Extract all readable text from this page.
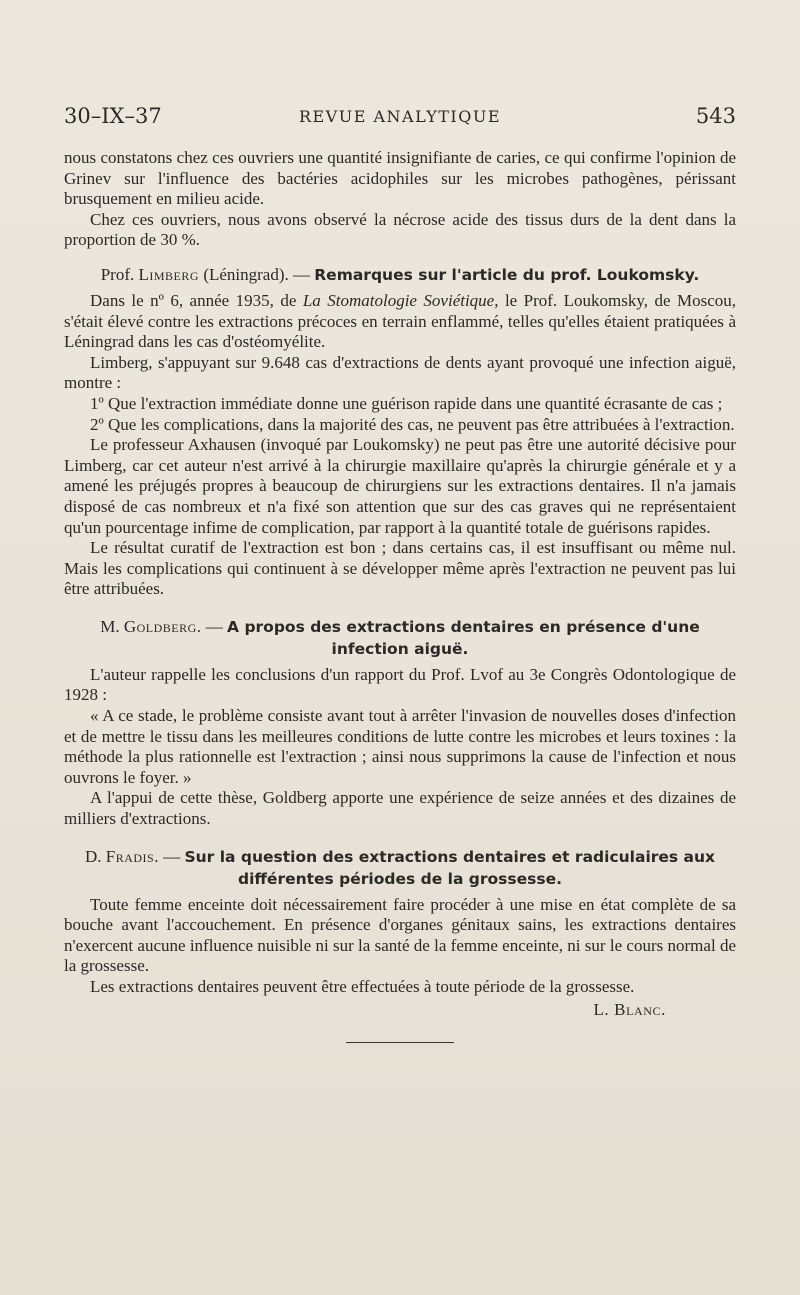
30–IX–37	REVUE ANALYTIQUE	543

nous constatons chez ces ouvriers une quantité insignifiante de caries, ce qui confirme l'opinion de Grinev sur l'influence des bactéries acidophiles sur les microbes pathogènes, périssant brusquement en milieu acide.

Chez ces ouvriers, nous avons observé la nécrose acide des tissus durs de la dent dans la proportion de 30 %.

Prof. Limberg (Léningrad). — Remarques sur l'article du prof. Loukomsky.

Dans le nº 6, année 1935, de La Stomatologie Soviétique, le Prof. Loukomsky, de Moscou, s'était élevé contre les extractions précoces en terrain enflammé, telles qu'elles étaient pratiquées à Léningrad dans les cas d'ostéomyélite.

Limberg, s'appuyant sur 9.648 cas d'extractions de dents ayant provoqué une infection aiguë, montre :

1º Que l'extraction immédiate donne une guérison rapide dans une quantité écrasante de cas ;

2º Que les complications, dans la majorité des cas, ne peuvent pas être attribuées à l'extraction.

Le professeur Axhausen (invoqué par Loukomsky) ne peut pas être une autorité décisive pour Limberg, car cet auteur n'est arrivé à la chirurgie maxillaire qu'après la chirurgie générale et y a amené les préjugés propres à beaucoup de chirurgiens sur les extractions dentaires. Il n'a jamais disposé de cas nombreux et n'a fixé son attention que sur des cas graves qui ne représentaient qu'un pourcentage infime de complication, par rapport à la quantité totale de guérisons rapides.

Le résultat curatif de l'extraction est bon ; dans certains cas, il est insuffisant ou même nul. Mais les complications qui continuent à se développer même après l'extraction ne peuvent pas lui être attribuées.

M. Goldberg. — A propos des extractions dentaires en présence d'une infection aiguë.

L'auteur rappelle les conclusions d'un rapport du Prof. Lvof au 3e Congrès Odontologique de 1928 :

« A ce stade, le problème consiste avant tout à arrêter l'invasion de nouvelles doses d'infection et de mettre le tissu dans les meilleures conditions de lutte contre les microbes et leurs toxines : la méthode la plus rationnelle est l'extraction ; ainsi nous supprimons la cause de l'infection et nous ouvrons le foyer. »

A l'appui de cette thèse, Goldberg apporte une expérience de seize années et des dizaines de milliers d'extractions.

D. Fradis. — Sur la question des extractions dentaires et radiculaires aux différentes périodes de la grossesse.

Toute femme enceinte doit nécessairement faire procéder à une mise en état complète de sa bouche avant l'accouchement. En présence d'organes génitaux sains, les extractions dentaires n'exercent aucune influence nuisible ni sur la santé de la femme enceinte, ni sur le cours normal de la grossesse.

Les extractions dentaires peuvent être effectuées à toute période de la grossesse.

L. Blanc.
